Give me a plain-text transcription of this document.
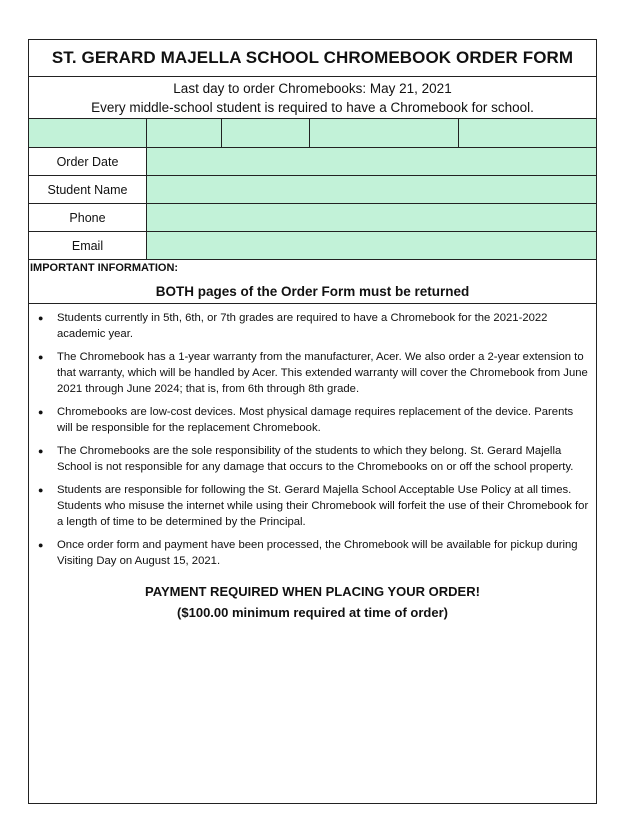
ST. GERARD MAJELLA SCHOOL CHROMEBOOK ORDER FORM
Last day to order Chromebooks: May 21, 2021
Every middle-school student is required to have a Chromebook for school.
Order Date
Student Name
Phone
Email
IMPORTANT INFORMATION:
BOTH pages of the Order Form must be returned
● Students currently in 5th, 6th, or 7th grades are required to have a Chromebook for the 2021-2022 academic year.
● The Chromebook has a 1-year warranty from the manufacturer, Acer. We also order a 2-year extension to that warranty, which will be handled by Acer. This extended warranty will cover the Chromebook from June 2021 through June 2024; that is, from 6th through 8th grade.
● Chromebooks are low-cost devices. Most physical damage requires replacement of the device. Parents will be responsible for the replacement Chromebook.
● The Chromebooks are the sole responsibility of the students to which they belong. St. Gerard Majella School is not responsible for any damage that occurs to the Chromebooks on or off the school property.
● Students are responsible for following the St. Gerard Majella School Acceptable Use Policy at all times. Students who misuse the internet while using their Chromebook will forfeit the use of their Chromebook for a length of time to be determined by the Principal.
● Once order form and payment have been processed, the Chromebook will be available for pickup during Visiting Day on August 15, 2021.
PAYMENT REQUIRED WHEN PLACING YOUR ORDER!
($100.00 minimum required at time of order)
